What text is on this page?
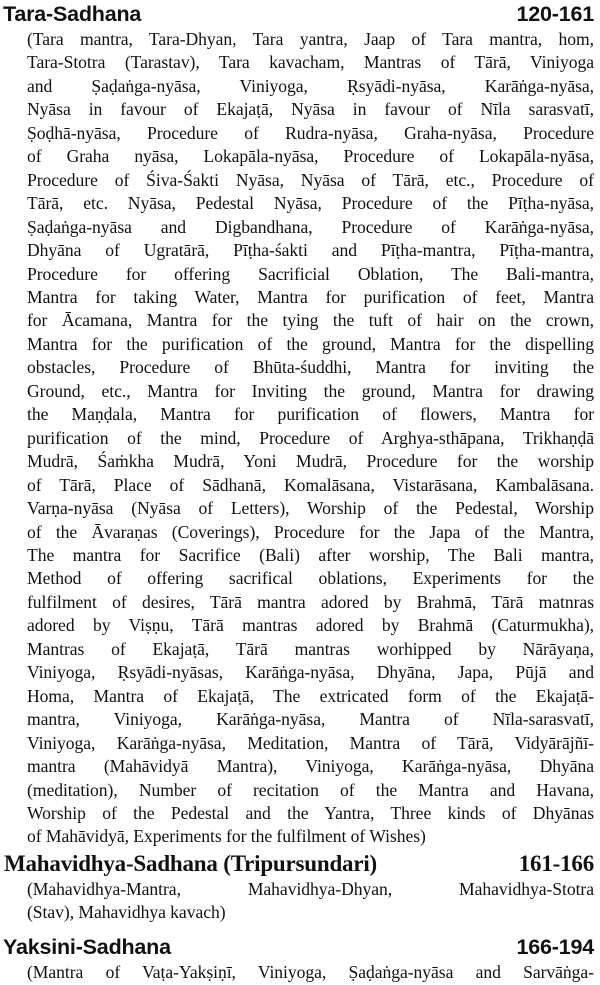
Tara-Sadhana	120-161
(Tara mantra, Tara-Dhyan, Tara yantra, Jaap of Tara mantra, hom,
Tara-Stotra (Tarastav), Tara kavacham, Mantras of Tārā, Viniyoga
and Ṣaḍaṅga-nyāsa, Viniyoga, Ṛsyādi-nyāsa, Karāṅga-nyāsa,
Nyāsa in favour of Ekajaṭā, Nyāsa in favour of Nīla sarasvatī,
Ṣoḍhā-nyāsa, Procedure of Rudra-nyāsa, Graha-nyāsa, Procedure
of Graha nyāsa, Lokapāla-nyāsa, Procedure of Lokapāla-nyāsa,
Procedure of Śiva-Śakti Nyāsa, Nyāsa of Tārā, etc., Procedure of
Tārā, etc. Nyāsa, Pedestal Nyāsa, Procedure of the Pīṭha-nyāsa,
Ṣaḍaṅga-nyāsa and Digbandhana, Procedure of Karāṅga-nyāsa,
Dhyāna of Ugratārā, Pīṭha-śakti and Pīṭha-mantra, Pīṭha-mantra,
Procedure for offering Sacrificial Oblation, The Bali-mantra,
Mantra for taking Water, Mantra for purification of feet, Mantra
for Ācamana, Mantra for the tying the tuft of hair on the crown,
Mantra for the purification of the ground, Mantra for the dispelling
obstacles, Procedure of Bhūta-śuddhi, Mantra for inviting the
Ground, etc., Mantra for Inviting the ground, Mantra for drawing
the Maṇḍala, Mantra for purification of flowers, Mantra for
purification of the mind, Procedure of Arghya-sthāpana, Trikhaṇḍā
Mudrā, Śaṁkha Mudrā, Yoni Mudrā, Procedure for the worship
of Tārā, Place of Sādhanā, Komalāsana, Vistarāsana, Kambalāsana.
Varṇa-nyāsa (Nyāsa of Letters), Worship of the Pedestal, Worship
of the Āvaraṇas (Coverings), Procedure for the Japa of the Mantra,
The mantra for Sacrifice (Bali) after worship, The Bali mantra,
Method of offering sacrifical oblations, Experiments for the
fulfilment of desires, Tārā mantra adored by Brahmā, Tārā matnras
adored by Viṣṇu, Tārā mantras adored by Brahmā (Caturmukha),
Mantras of Ekajaṭā, Tārā mantras worhipped by Nārāyaṇa,
Viniyoga, Ṛsyādi-nyāsas, Karāṅga-nyāsa, Dhyāna, Japa, Pūjā and
Homa, Mantra of Ekajaṭā, The extricated form of the Ekajaṭā-
mantra, Viniyoga, Karāṅga-nyāsa, Mantra of Nīla-sarasvatī,
Viniyoga, Karāṅga-nyāsa, Meditation, Mantra of Tārā, Vidyārājñī-
mantra (Mahāvidyā Mantra), Viniyoga, Karāṅga-nyāsa, Dhyāna
(meditation), Number of recitation of the Mantra and Havana,
Worship of the Pedestal and the Yantra, Three kinds of Dhyānas
of Mahāvidyā, Experiments for the fulfilment of Wishes)
Mahavidhya-Sadhana (Tripursundari)	161-166
(Mahavidhya-Mantra, Mahavidhya-Dhyan, Mahavidhya-Stotra
(Stav), Mahavidhya kavach)
Yaksini-Sadhana	166-194
(Mantra of Vaṭa-Yakṣiṇī, Viniyoga, Ṣaḍaṅga-nyāsa and Sarvāṅga-
